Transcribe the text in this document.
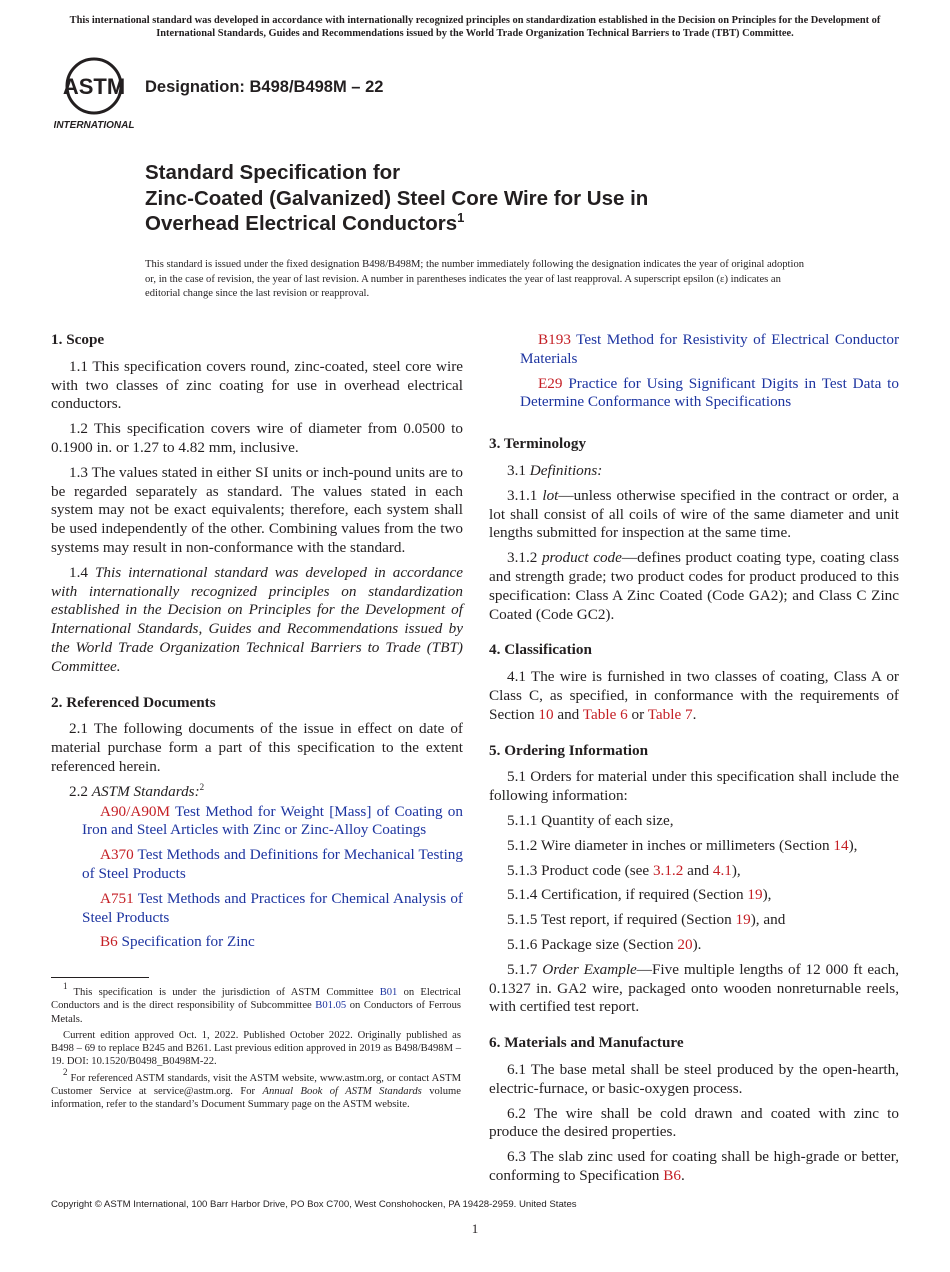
This international standard was developed in accordance with internationally recognized principles on standardization established in the Decision on Principles for the Development of International Standards, Guides and Recommendations issued by the World Trade Organization Technical Barriers to Trade (TBT) Committee.
ASTM
INTERNATIONAL
Designation: B498/B498M – 22
Standard Specification for
Zinc-Coated (Galvanized) Steel Core Wire for Use in
Overhead Electrical Conductors$^1$
This standard is issued under the fixed designation B498/B498M; the number immediately following the designation indicates the year of original adoption or, in the case of revision, the year of last revision. A number in parentheses indicates the year of last reapproval. A superscript epsilon (ε) indicates an editorial change since the last revision or reapproval.
1. Scope

1.1 This specification covers round, zinc-coated, steel core wire with two classes of zinc coating for use in overhead electrical conductors.

1.2 This specification covers wire of diameter from 0.0500 to 0.1900 in. or 1.27 to 4.82 mm, inclusive.

1.3 The values stated in either SI units or inch-pound units are to be regarded separately as standard. The values stated in each system may not be exact equivalents; therefore, each system shall be used independently of the other. Combining values from the two systems may result in non-conformance with the standard.

1.4 This international standard was developed in accordance with internationally recognized principles on standardization established in the Decision on Principles for the Development of International Standards, Guides and Recommendations issued by the World Trade Organization Technical Barriers to Trade (TBT) Committee.

2. Referenced Documents

2.1 The following documents of the issue in effect on date of material purchase form a part of this specification to the extent referenced herein.

2.2 ASTM Standards:$^2$

A90/A90M Test Method for Weight [Mass] of Coating on Iron and Steel Articles with Zinc or Zinc-Alloy Coatings

A370 Test Methods and Definitions for Mechanical Testing of Steel Products

A751 Test Methods and Practices for Chemical Analysis of Steel Products

B6 Specification for Zinc

B193 Test Method for Resistivity of Electrical Conductor Materials

E29 Practice for Using Significant Digits in Test Data to Determine Conformance with Specifications

3. Terminology

3.1 Definitions:

3.1.1 lot—unless otherwise specified in the contract or order, a lot shall consist of all coils of wire of the same diameter and unit lengths submitted for inspection at the same time.

3.1.2 product code—defines product coating type, coating class and strength grade; two product codes for product produced to this specification: Class A Zinc Coated (Code GA2); and Class C Zinc Coated (Code GC2).

4. Classification

4.1 The wire is furnished in two classes of coating, Class A or Class C, as specified, in conformance with the requirements of Section 10 and Table 6 or Table 7.

5. Ordering Information

5.1 Orders for material under this specification shall include the following information:

5.1.1 Quantity of each size,

5.1.2 Wire diameter in inches or millimeters (Section 14),

5.1.3 Product code (see 3.1.2 and 4.1),

5.1.4 Certification, if required (Section 19),

5.1.5 Test report, if required (Section 19), and

5.1.6 Package size (Section 20).

5.1.7 Order Example—Five multiple lengths of 12 000 ft each, 0.1327 in. GA2 wire, packaged onto wooden nonreturnable reels, with certified test report.

6. Materials and Manufacture

6.1 The base metal shall be steel produced by the open-hearth, electric-furnace, or basic-oxygen process.

6.2 The wire shall be cold drawn and coated with zinc to produce the desired properties.

6.3 The slab zinc used for coating shall be high-grade or better, conforming to Specification B6.

$^1$ This specification is under the jurisdiction of ASTM Committee B01 on Electrical Conductors and is the direct responsibility of Subcommittee B01.05 on Conductors of Ferrous Metals.

Current edition approved Oct. 1, 2022. Published October 2022. Originally published as B498 – 69 to replace B245 and B261. Last previous edition approved in 2019 as B498/B498M – 19. DOI: 10.1520/B0498_B0498M-22.

$^2$ For referenced ASTM standards, visit the ASTM website, www.astm.org, or contact ASTM Customer Service at service@astm.org. For Annual Book of ASTM Standards volume information, refer to the standard’s Document Summary page on the ASTM website.

Copyright © ASTM International, 100 Barr Harbor Drive, PO Box C700, West Conshohocken, PA 19428-2959. United States
1
